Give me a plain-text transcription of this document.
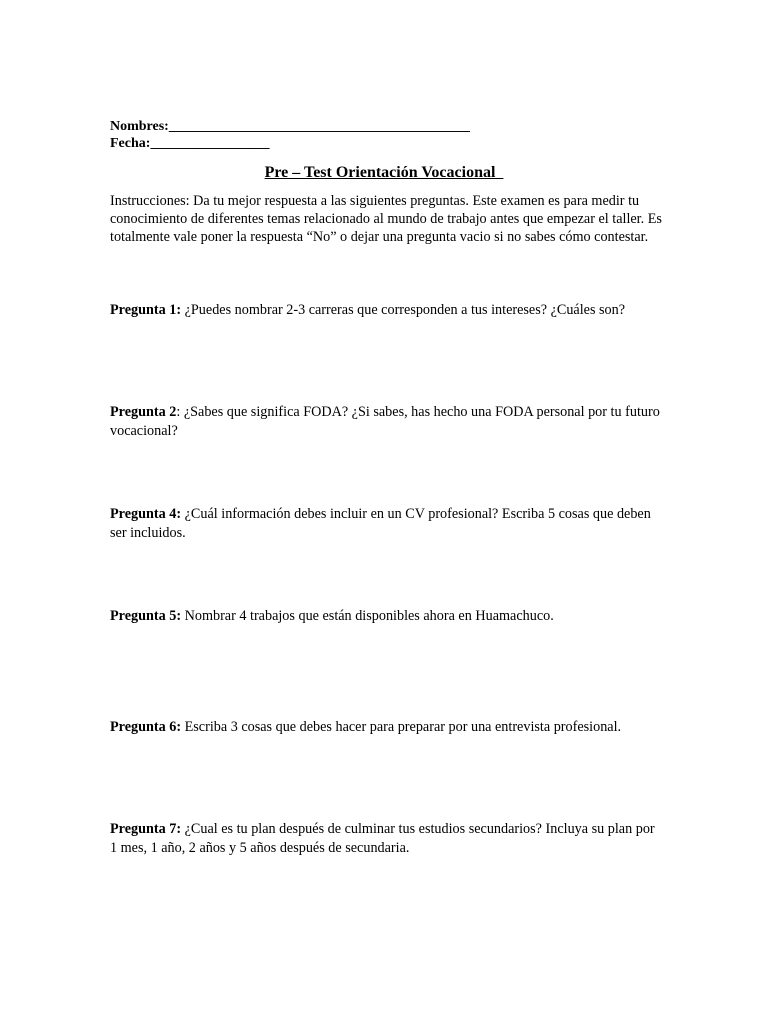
Nombres:___________________________________________
Fecha:_________________
Pre – Test Orientación Vocacional
Instrucciones: Da tu mejor respuesta a las siguientes preguntas. Este examen es para medir tu conocimiento de diferentes temas relacionado al mundo de trabajo antes que empezar el taller. Es totalmente vale poner la respuesta “No” o dejar una pregunta vacio si no sabes cómo contestar.
Pregunta 1: ¿Puedes nombrar 2-3 carreras que corresponden a tus intereses? ¿Cuáles son?
Pregunta 2: ¿Sabes que significa FODA? ¿Si sabes, has hecho una FODA personal por tu futuro vocacional?
Pregunta 4: ¿Cuál información debes incluir en un CV profesional? Escriba 5 cosas que deben ser incluidos.
Pregunta 5: Nombrar 4 trabajos que están disponibles ahora en Huamachuco.
Pregunta 6: Escriba 3 cosas que debes hacer para preparar por una entrevista profesional.
Pregunta 7: ¿Cual es tu plan después de culminar tus estudios secundarios? Incluya su plan por 1 mes, 1 año, 2 años y 5 años después de secundaria.
